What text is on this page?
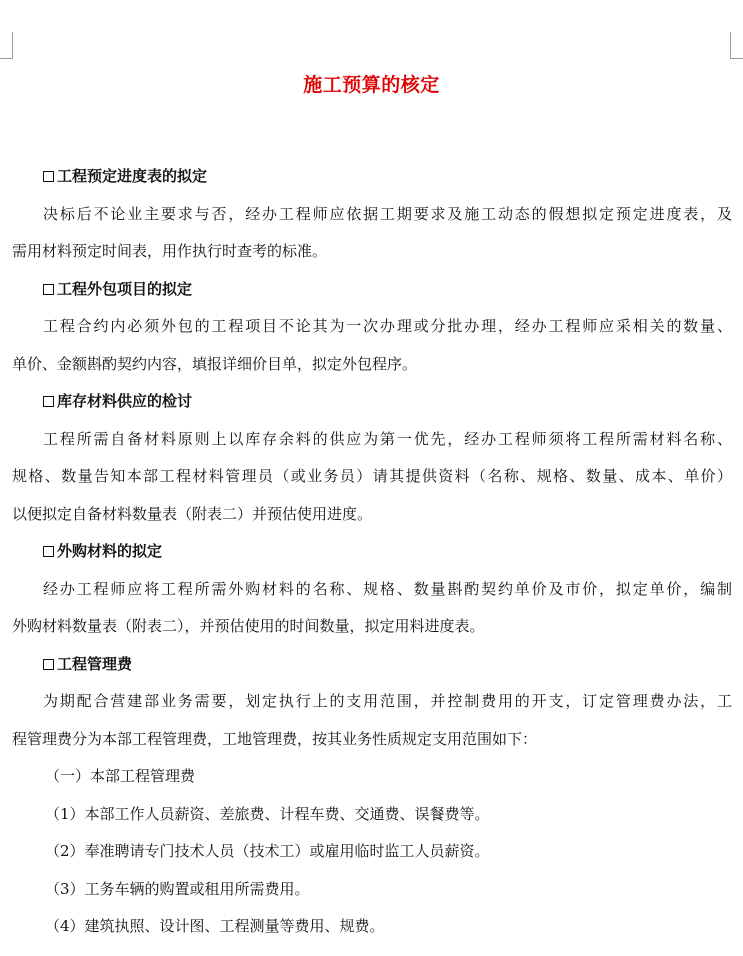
施工预算的核定
工程预定进度表的拟定
决标后不论业主要求与否，经办工程师应依据工期要求及施工动态的假想拟定预定进度表，及
需用材料预定时间表，用作执行时查考的标准。
工程外包项目的拟定
工程合约内必须外包的工程项目不论其为一次办理或分批办理，经办工程师应采相关的数量、
单价、金额斟酌契约内容，填报详细价目单，拟定外包程序。
库存材料供应的检讨
工程所需自备材料原则上以库存余料的供应为第一优先，经办工程师须将工程所需材料名称、
规格、数量告知本部工程材料管理员（或业务员）请其提供资料（名称、规格、数量、成本、单价）
以便拟定自备材料数量表（附表二）并预估使用进度。
外购材料的拟定
经办工程师应将工程所需外购材料的名称、规格、数量斟酌契约单价及市价，拟定单价，编制
外购材料数量表（附表二），并预估使用的时间数量，拟定用料进度表。
工程管理费
为期配合营建部业务需要，划定执行上的支用范围，并控制费用的开支，订定管理费办法，工
程管理费分为本部工程管理费，工地管理费，按其业务性质规定支用范围如下：
（一）本部工程管理费
（1）本部工作人员薪资、差旅费、计程车费、交通费、误餐费等。
（2）奉准聘请专门技术人员（技术工）或雇用临时监工人员薪资。
（3）工务车辆的购置或租用所需费用。
（4）建筑执照、设计图、工程测量等费用、规费。
